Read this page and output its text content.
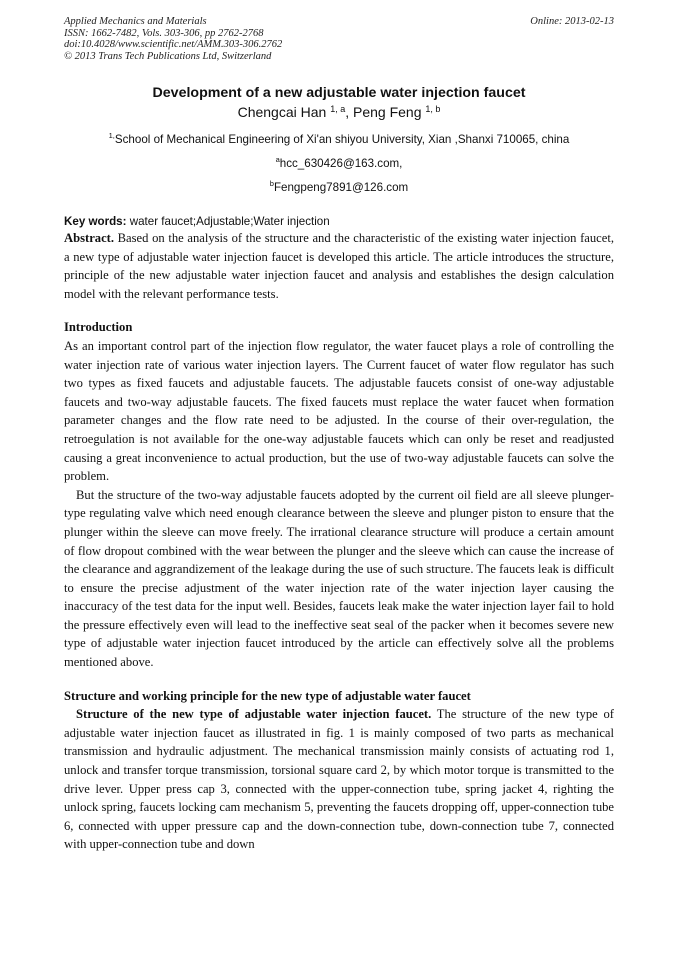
Applied Mechanics and Materials
ISSN: 1662-7482, Vols. 303-306, pp 2762-2768
doi:10.4028/www.scientific.net/AMM.303-306.2762
© 2013 Trans Tech Publications Ltd, Switzerland
Online: 2013-02-13
Development of a new adjustable water injection faucet
Chengcai Han $^{1, a}$, Peng Feng $^{1, b}$
$^{1,}$School of Mechanical Engineering of Xi'an shiyou University, Xian ,Shanxi 710065, china
$^a$hcc_630426@163.com,
$^b$Fengpeng7891@126.com
Key words: water faucet;Adjustable;Water injection

Abstract. Based on the analysis of the structure and the characteristic of the existing water injection faucet, a new type of adjustable water injection faucet is developed this article. The article introduces the structure, principle of the new adjustable water injection faucet and analysis and establishes the design calculation model with the relevant performance tests.

Introduction

As an important control part of the injection flow regulator, the water faucet plays a role of controlling the water injection rate of various water injection layers. The Current faucet of water flow regulator has such two types as fixed faucets and adjustable faucets. The adjustable faucets consist of one-way adjustable faucets and two-way adjustable faucets. The fixed faucets must replace the water faucet when formation parameter changes and the flow rate need to be adjusted. In the course of their over-regulation, the retroegulation is not available for the one-way adjustable faucets which can only be reset and readjusted causing a great inconvenience to actual production, but the use of two-way adjustable faucets can solve the problem.

But the structure of the two-way adjustable faucets adopted by the current oil field are all sleeve plunger-type regulating valve which need enough clearance between the sleeve and plunger piston to ensure that the plunger within the sleeve can move freely. The irrational clearance structure will produce a certain amount of flow dropout combined with the wear between the plunger and the sleeve which can cause the increase of the clearance and aggrandizement of the leakage during the use of such structure. The faucets leak is difficult to ensure the precise adjustment of the water injection rate of the water injection layer causing the inaccuracy of the test data for the input well. Besides, faucets leak make the water injection layer fail to hold the pressure effectively even will lead to the ineffective seat seal of the packer when it becomes severe new type of adjustable water injection faucet introduced by the article can effectively solve all the problems mentioned above.

Structure and working principle for the new type of adjustable water faucet

Structure of the new type of adjustable water injection faucet. The structure of the new type of adjustable water injection faucet as illustrated in fig. 1 is mainly composed of two parts as mechanical transmission and hydraulic adjustment. The mechanical transmission mainly consists of actuating rod 1, unlock and transfer torque transmission, torsional square card 2, by which motor torque is transmitted to the drive lever. Upper press cap 3, connected with the upper-connection tube, spring jacket 4, righting the unlock spring, faucets locking cam mechanism 5, preventing the faucets dropping off, upper-connection tube 6, connected with upper pressure cap and the down-connection tube, down-connection tube 7, connected with upper-connection tube and down
